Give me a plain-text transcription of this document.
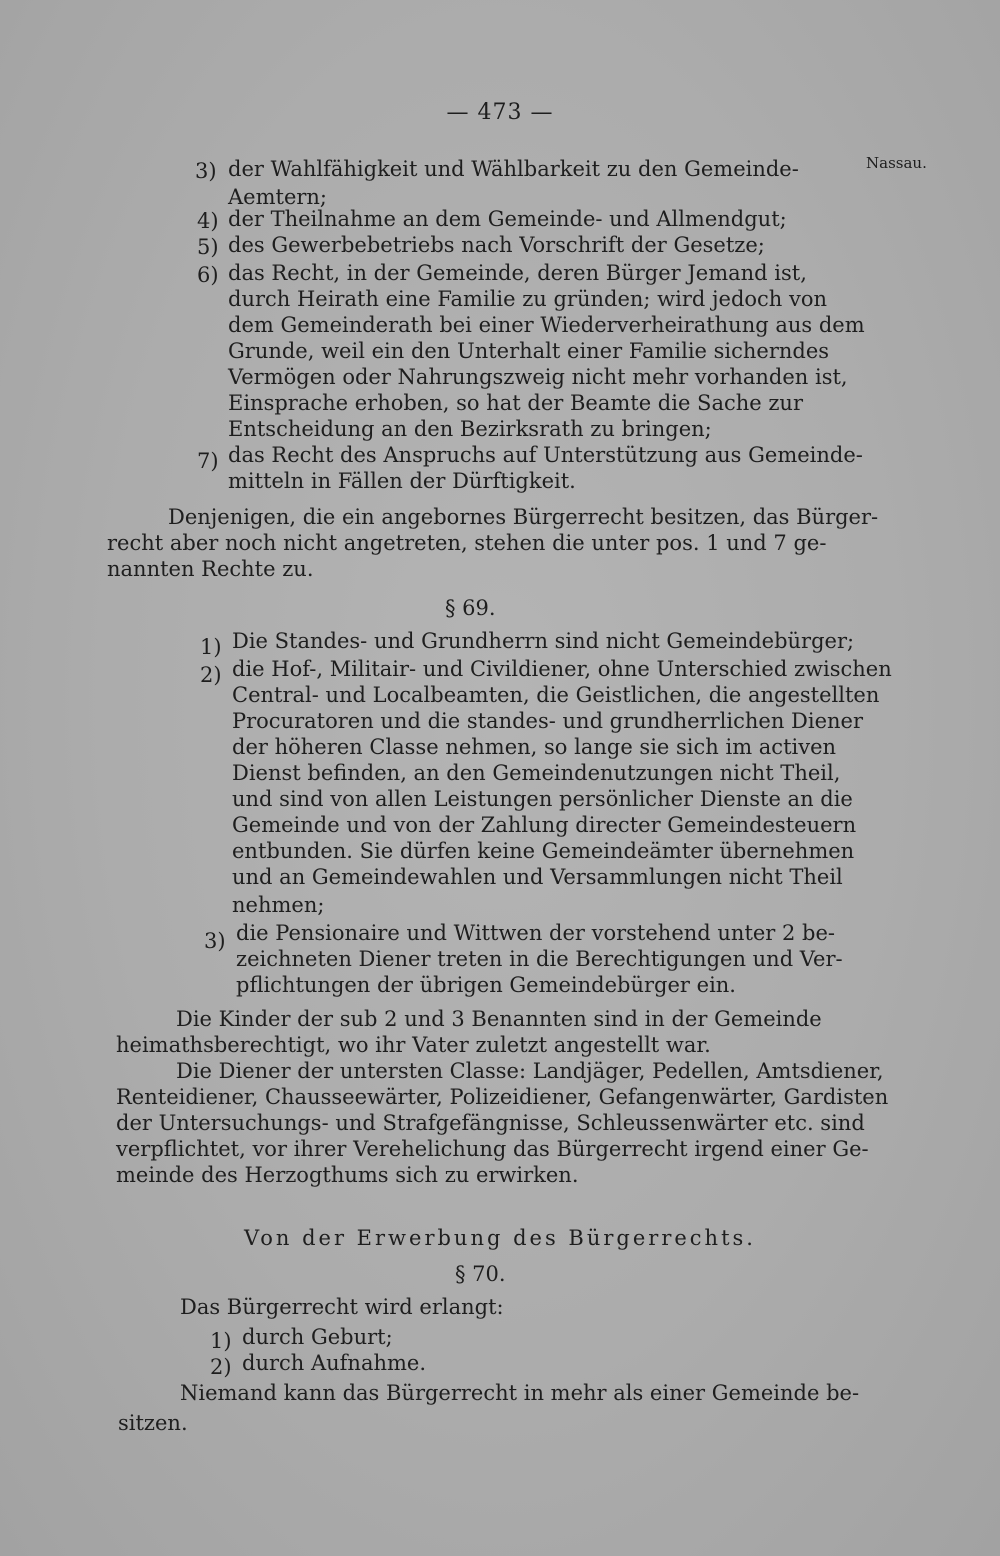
— 473 —
Nassau.
3) der Wahlfähigkeit und Wählbarkeit zu den Gemeinde-
Aemtern;
4) der Theilnahme an dem Gemeinde- und Allmendgut;
5) des Gewerbebetriebs nach Vorschrift der Gesetze;
6) das Recht, in der Gemeinde, deren Bürger Jemand ist,
durch Heirath eine Familie zu gründen; wird jedoch von
dem Gemeinderath bei einer Wiederverheirathung aus dem
Grunde, weil ein den Unterhalt einer Familie sicherndes
Vermögen oder Nahrungszweig nicht mehr vorhanden ist,
Einsprache erhoben, so hat der Beamte die Sache zur
Entscheidung an den Bezirksrath zu bringen;
7) das Recht des Anspruchs auf Unterstützung aus Gemeinde-
mitteln in Fällen der Dürftigkeit.
Denjenigen, die ein angebornes Bürgerrecht besitzen, das Bürger-
recht aber noch nicht angetreten, stehen die unter pos. 1 und 7 ge-
nannten Rechte zu.
§ 69.
1) Die Standes- und Grundherrn sind nicht Gemeindebürger;
2) die Hof-, Militair- und Civildiener, ohne Unterschied zwischen
Central- und Localbeamten, die Geistlichen, die angestellten
Procuratoren und die standes- und grundherrlichen Diener
der höheren Classe nehmen, so lange sie sich im activen
Dienst befinden, an den Gemeindenutzungen nicht Theil,
und sind von allen Leistungen persönlicher Dienste an die
Gemeinde und von der Zahlung directer Gemeindesteuern
entbunden. Sie dürfen keine Gemeindeämter übernehmen
und an Gemeindewahlen und Versammlungen nicht Theil
nehmen;
3) die Pensionaire und Wittwen der vorstehend unter 2 be-
zeichneten Diener treten in die Berechtigungen und Ver-
pflichtungen der übrigen Gemeindebürger ein.
Die Kinder der sub 2 und 3 Benannten sind in der Gemeinde
heimathsberechtigt, wo ihr Vater zuletzt angestellt war.
Die Diener der untersten Classe: Landjäger, Pedellen, Amtsdiener,
Renteidiener, Chausseewärter, Polizeidiener, Gefangenwärter, Gardisten
der Untersuchungs- und Strafgefängnisse, Schleussenwärter etc. sind
verpflichtet, vor ihrer Verehelichung das Bürgerrecht irgend einer Ge-
meinde des Herzogthums sich zu erwirken.
Von der Erwerbung des Bürgerrechts.
§ 70.
Das Bürgerrecht wird erlangt:
1) durch Geburt;
2) durch Aufnahme.
Niemand kann das Bürgerrecht in mehr als einer Gemeinde be-
sitzen.
